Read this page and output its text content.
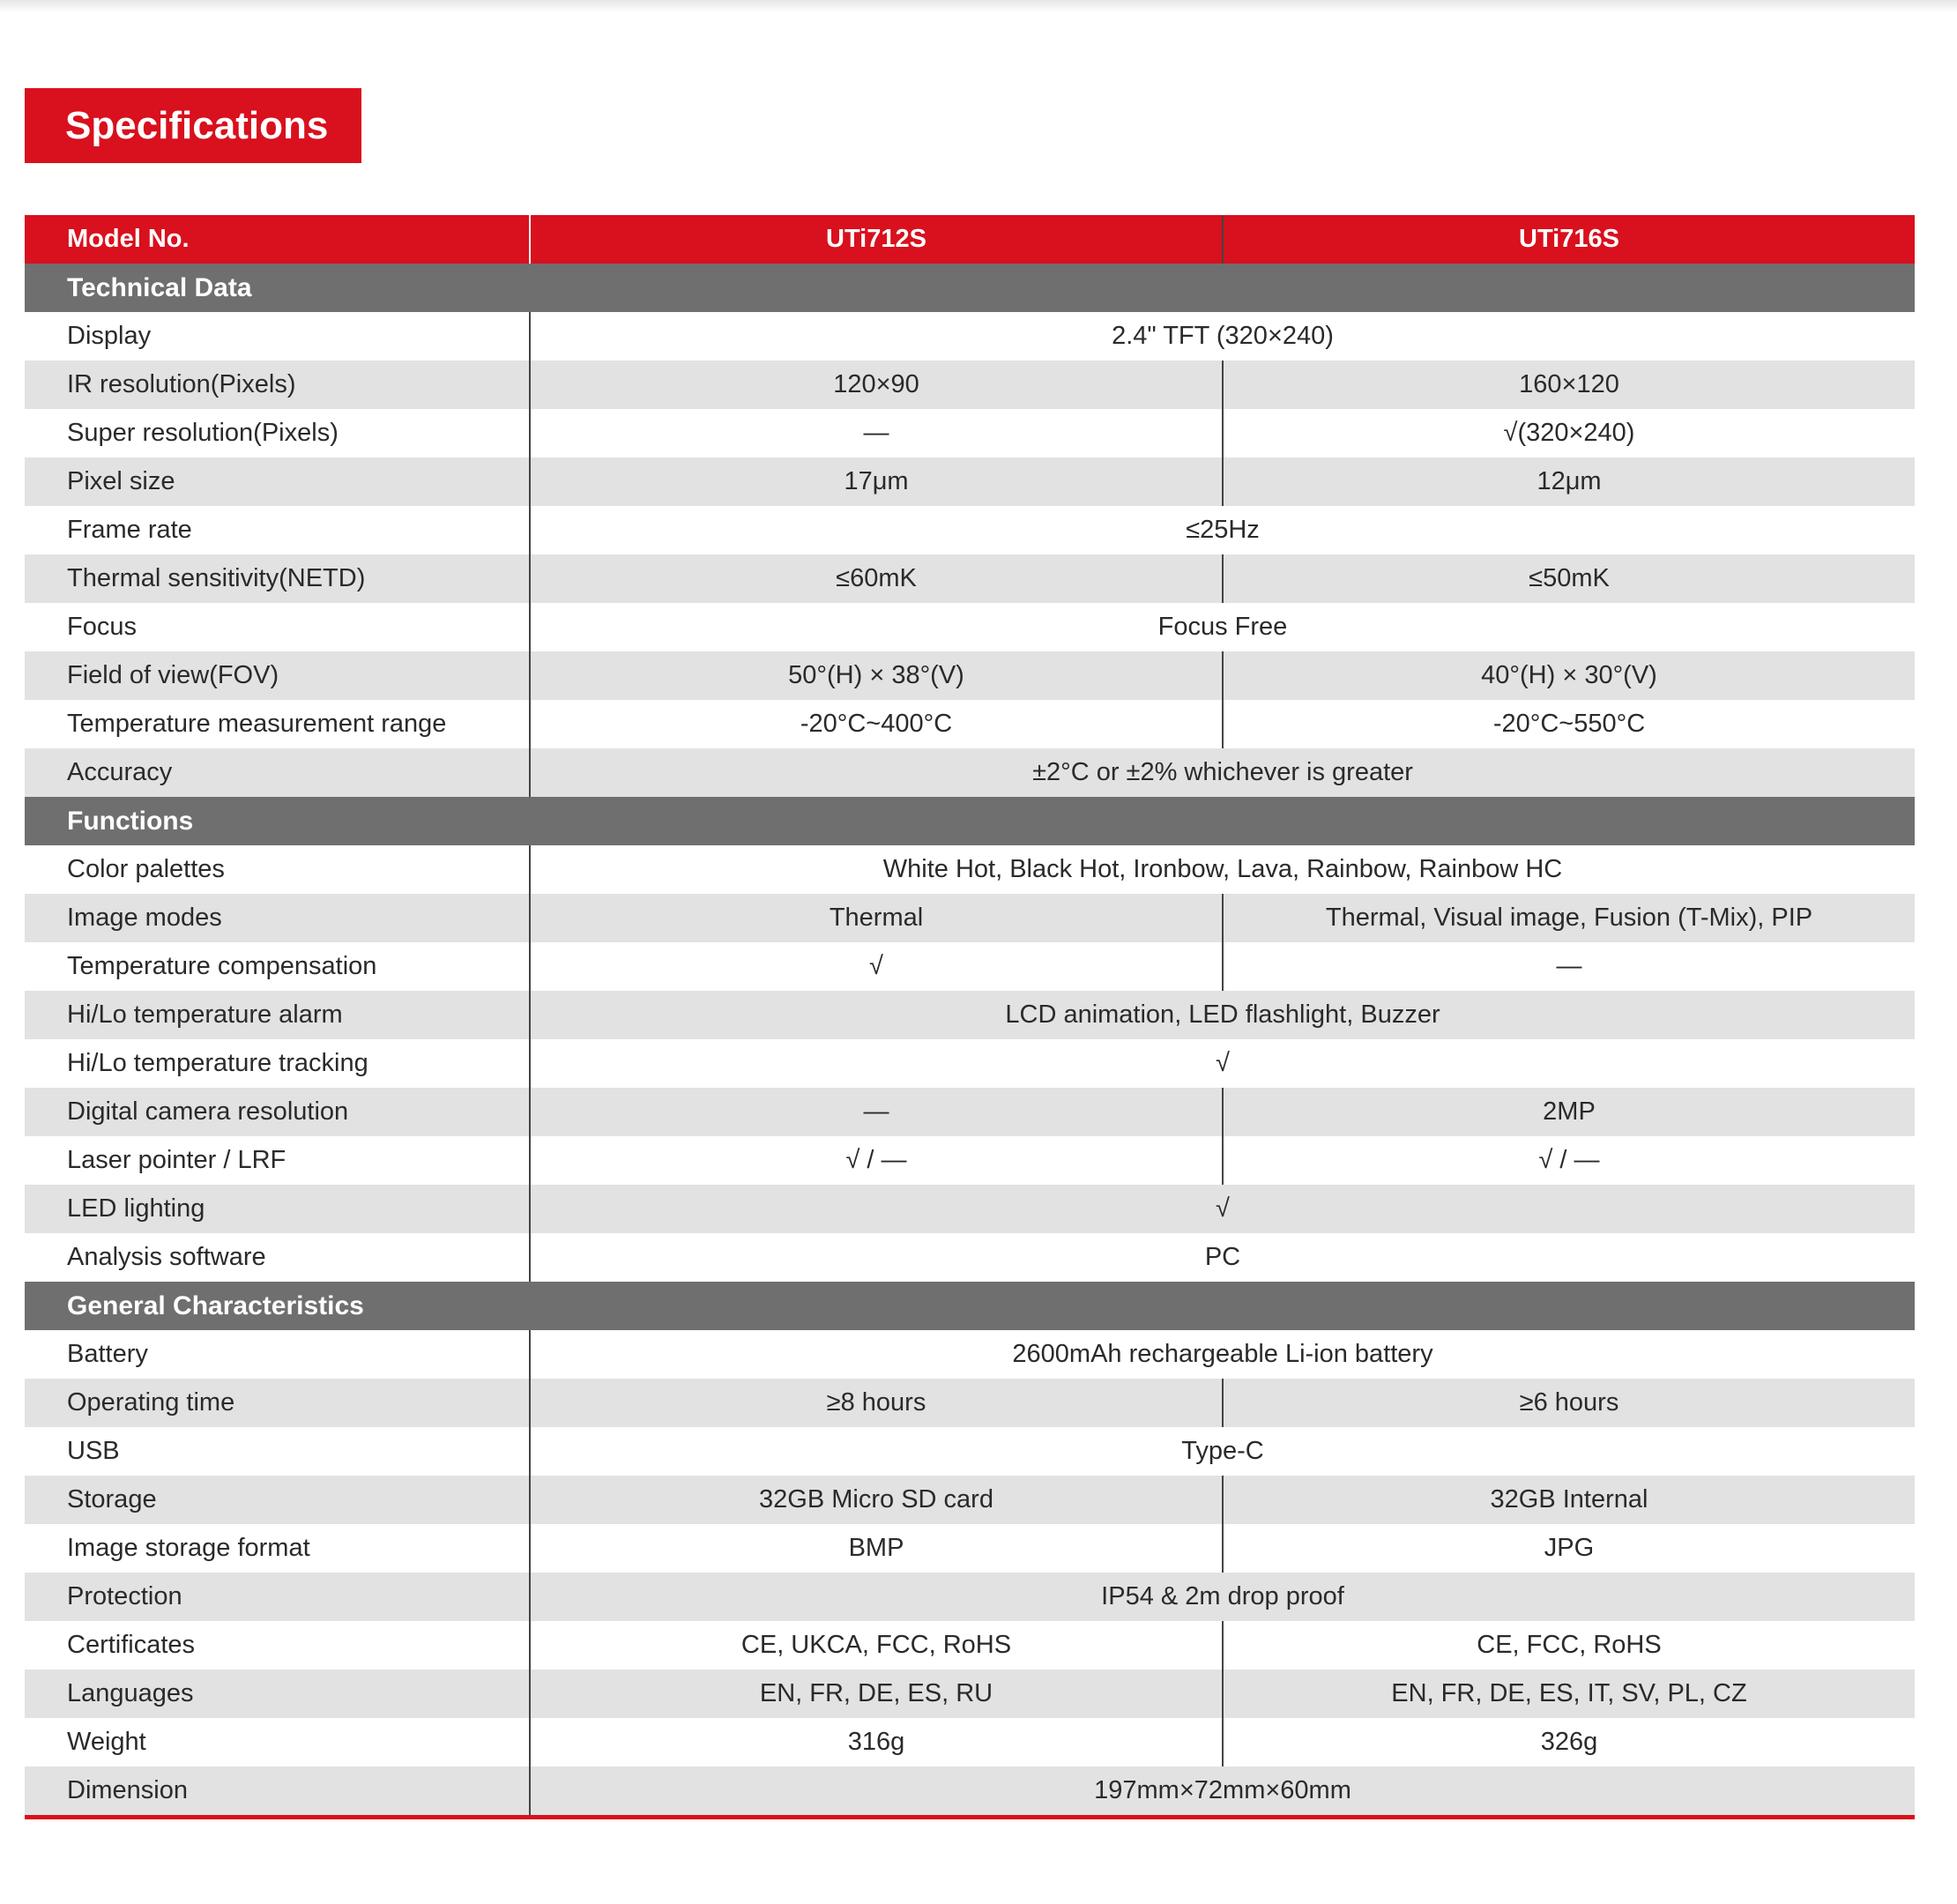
Specifications
Model No.	UTi712S	UTi716S
Technical Data		
Display	2.4" TFT (320×240)	
IR resolution(Pixels)	120×90	160×120
Super resolution(Pixels)	—	√(320×240)
Pixel size	17μm	12μm
Frame rate	≤25Hz	
Thermal sensitivity(NETD)	≤60mK	≤50mK
Focus	Focus Free	
Field of view(FOV)	50°(H) × 38°(V)	40°(H) × 30°(V)
Temperature measurement range	-20°C~400°C	-20°C~550°C
Accuracy	±2°C or ±2% whichever is greater	
Functions		
Color palettes	White Hot, Black Hot, Ironbow, Lava, Rainbow, Rainbow HC	
Image modes	Thermal	Thermal, Visual image, Fusion (T-Mix), PIP
Temperature compensation	√	—
Hi/Lo temperature alarm	LCD animation, LED flashlight, Buzzer	
Hi/Lo temperature tracking	√	
Digital camera resolution	—	2MP
Laser pointer / LRF	√ / —	√ / —
LED lighting	√	
Analysis software	PC	
General Characteristics		
Battery	2600mAh rechargeable Li-ion battery	
Operating time	≥8 hours	≥6 hours
USB	Type-C	
Storage	32GB Micro SD card	32GB Internal
Image storage format	BMP	JPG
Protection	IP54 & 2m drop proof	
Certificates	CE, UKCA, FCC, RoHS	CE, FCC, RoHS
Languages	EN, FR, DE, ES, RU	EN, FR, DE, ES, IT, SV, PL, CZ
Weight	316g	326g
Dimension	197mm×72mm×60mm	
